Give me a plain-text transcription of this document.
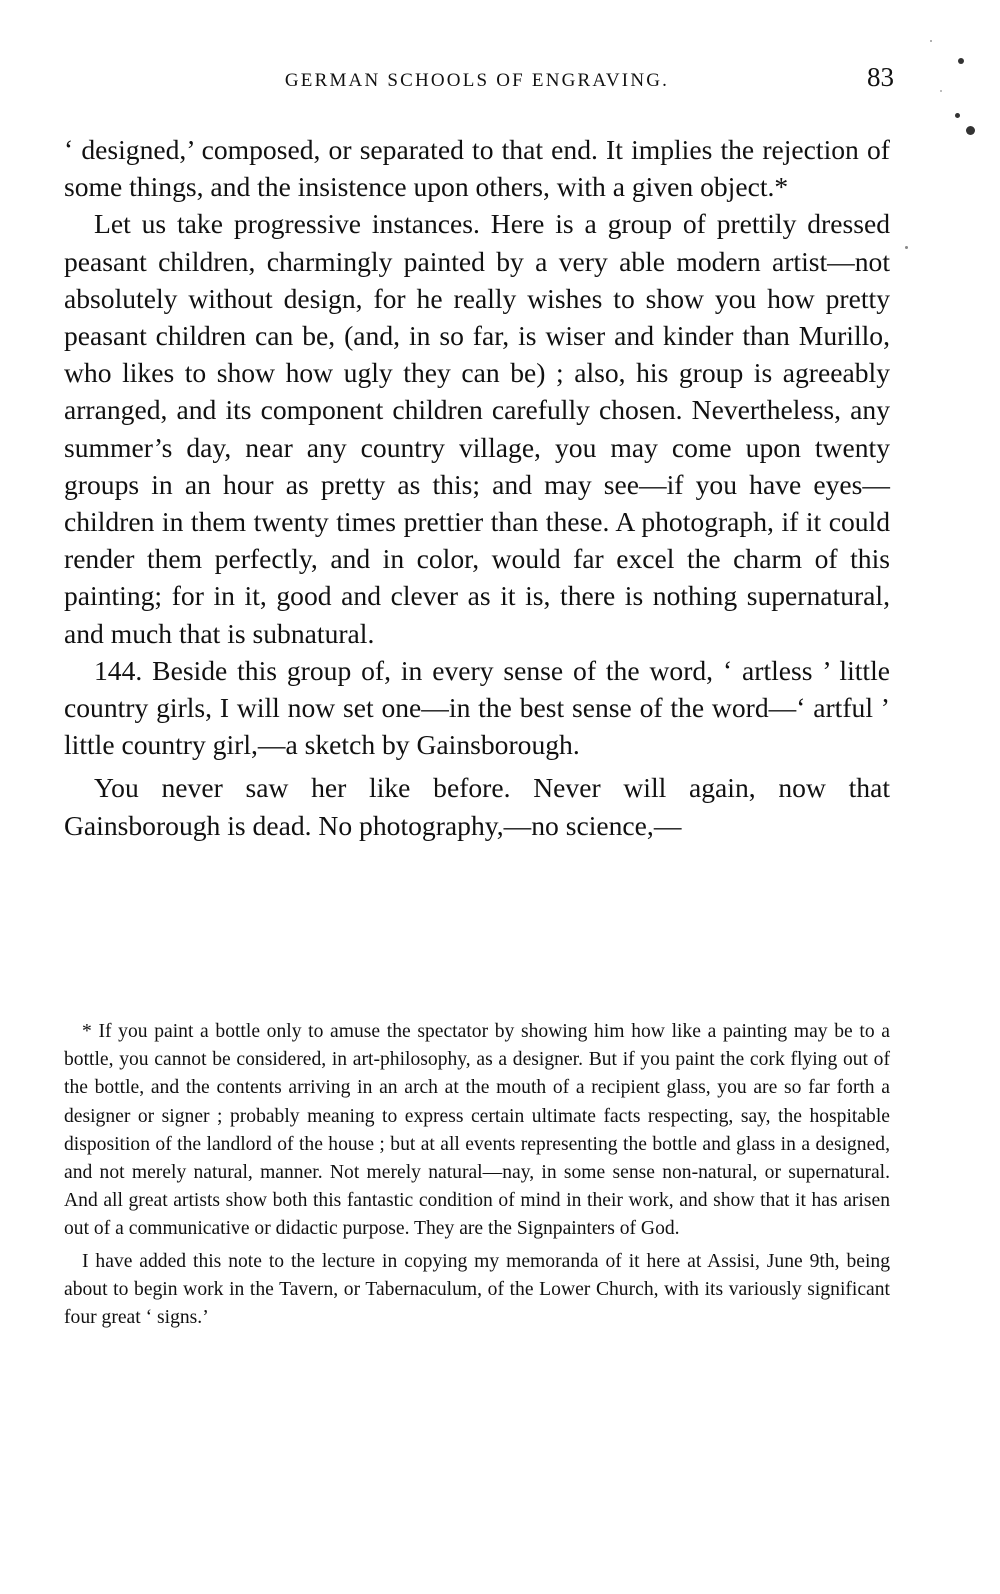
GERMAN SCHOOLS OF ENGRAVING.	83

‘ designed,’ composed, or separated to that end. It implies the rejection of some things, and the insistence upon others, with a given object.*

Let us take progressive instances. Here is a group of prettily dressed peasant children, charmingly painted by a very able modern artist—not absolutely without design, for he really wishes to show you how pretty peasant children can be, (and, in so far, is wiser and kinder than Murillo, who likes to show how ugly they can be) ; also, his group is agreeably arranged, and its component children carefully chosen. Nevertheless, any summer’s day, near any country village, you may come upon twenty groups in an hour as pretty as this; and may see—if you have eyes—children in them twenty times prettier than these. A photograph, if it could render them perfectly, and in color, would far excel the charm of this painting; for in it, good and clever as it is, there is nothing supernatural, and much that is subnatural.

144. Beside this group of, in every sense of the word, ‘ artless ’ little country girls, I will now set one—in the best sense of the word—‘ artful ’ little country girl,—a sketch by Gainsborough.

You never saw her like before. Never will again, now that Gainsborough is dead. No photography,—no science,—

* If you paint a bottle only to amuse the spectator by showing him how like a painting may be to a bottle, you cannot be considered, in art-philosophy, as a designer. But if you paint the cork flying out of the bottle, and the contents arriving in an arch at the mouth of a recipient glass, you are so far forth a designer or signer ; probably meaning to express certain ultimate facts respecting, say, the hospitable disposition of the landlord of the house ; but at all events representing the bottle and glass in a designed, and not merely natural, manner. Not merely natural—nay, in some sense non-natural, or supernatural. And all great artists show both this fantastic condition of mind in their work, and show that it has arisen out of a communicative or didactic purpose. They are the Signpainters of God.

I have added this note to the lecture in copying my memoranda of it here at Assisi, June 9th, being about to begin work in the Tavern, or Tabernaculum, of the Lower Church, with its variously significant four great ‘ signs.’
